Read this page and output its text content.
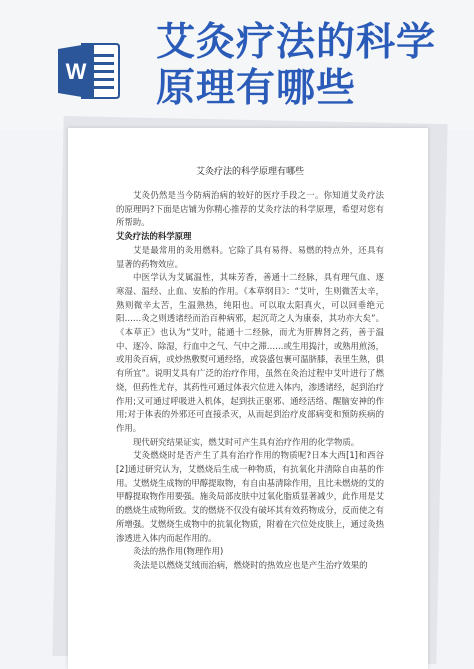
W
艾灸疗法的科学原理有哪些
艾灸疗法的科学原理有哪些

艾灸仍然是当今防病治病的较好的医疗手段之一。你知道艾灸疗法的原理吗?下面是店铺为你精心推荐的艾灸疗法的科学原理，希望对您有所帮助。

艾灸疗法的科学原理

艾是最常用的灸用燃料。它除了具有易得、易燃的特点外，还具有显著的药物效应。

中医学认为艾属温性，其味芳香，善通十二经脉，具有理气血、逐寒湿、温经、止血、安胎的作用。《本草纲目》：“艾叶，生则微苦太辛，熟则微辛太苦，生温熟热，纯阳也。可以取太阳真火，可以回垂绝元阳……灸之则透诸经而治百种病邪，起沉苛之人为康泰，其功亦大矣”。《本草正》也认为“艾叶，能通十二经脉，而尤为肝脾肾之药，善于温中、逐冷、除湿，行血中之气、气中之滞……或生用捣汁，或熟用煎汤，或用灸百病，或炒热敷熨可通经络，或袋盛包裹可温脐膝，表里生熟，俱有所宜”。说明艾具有广泛的治疗作用，虽然在灸治过程中艾叶进行了燃烧，但药性尤存，其药性可通过体表穴位进入体内，渗透诸经，起到治疗作用;又可通过呼吸进入机体，起到扶正驱邪、通经活络、醒脑安神的作用;对于体表的外邪还可直接杀灭，从而起到治疗皮部病变和预防疾病的作用。

现代研究结果证实，燃艾时可产生具有治疗作用的化学物质。

艾灸燃烧时是否产生了具有治疗作用的物质呢?日本大西[1]和西谷[2]通过研究认为，艾燃烧后生成一种物质，有抗氧化并清除自由基的作用。艾燃烧生成物的甲醇提取物，有自由基清除作用，且比未燃烧的艾的甲醇提取物作用要强。施灸局部皮肤中过氧化脂质显著减少，此作用是艾的燃烧生成物所致。艾的燃烧不仅没有破坏其有效药物成分，反而使之有所增强。艾燃烧生成物中的抗氧化物质，附着在穴位处皮肤上，通过灸热渗透进入体内而起作用的。

灸法的热作用(物理作用)

灸法是以燃烧艾绒而治病，燃烧时的热效应也是产生治疗效果的
